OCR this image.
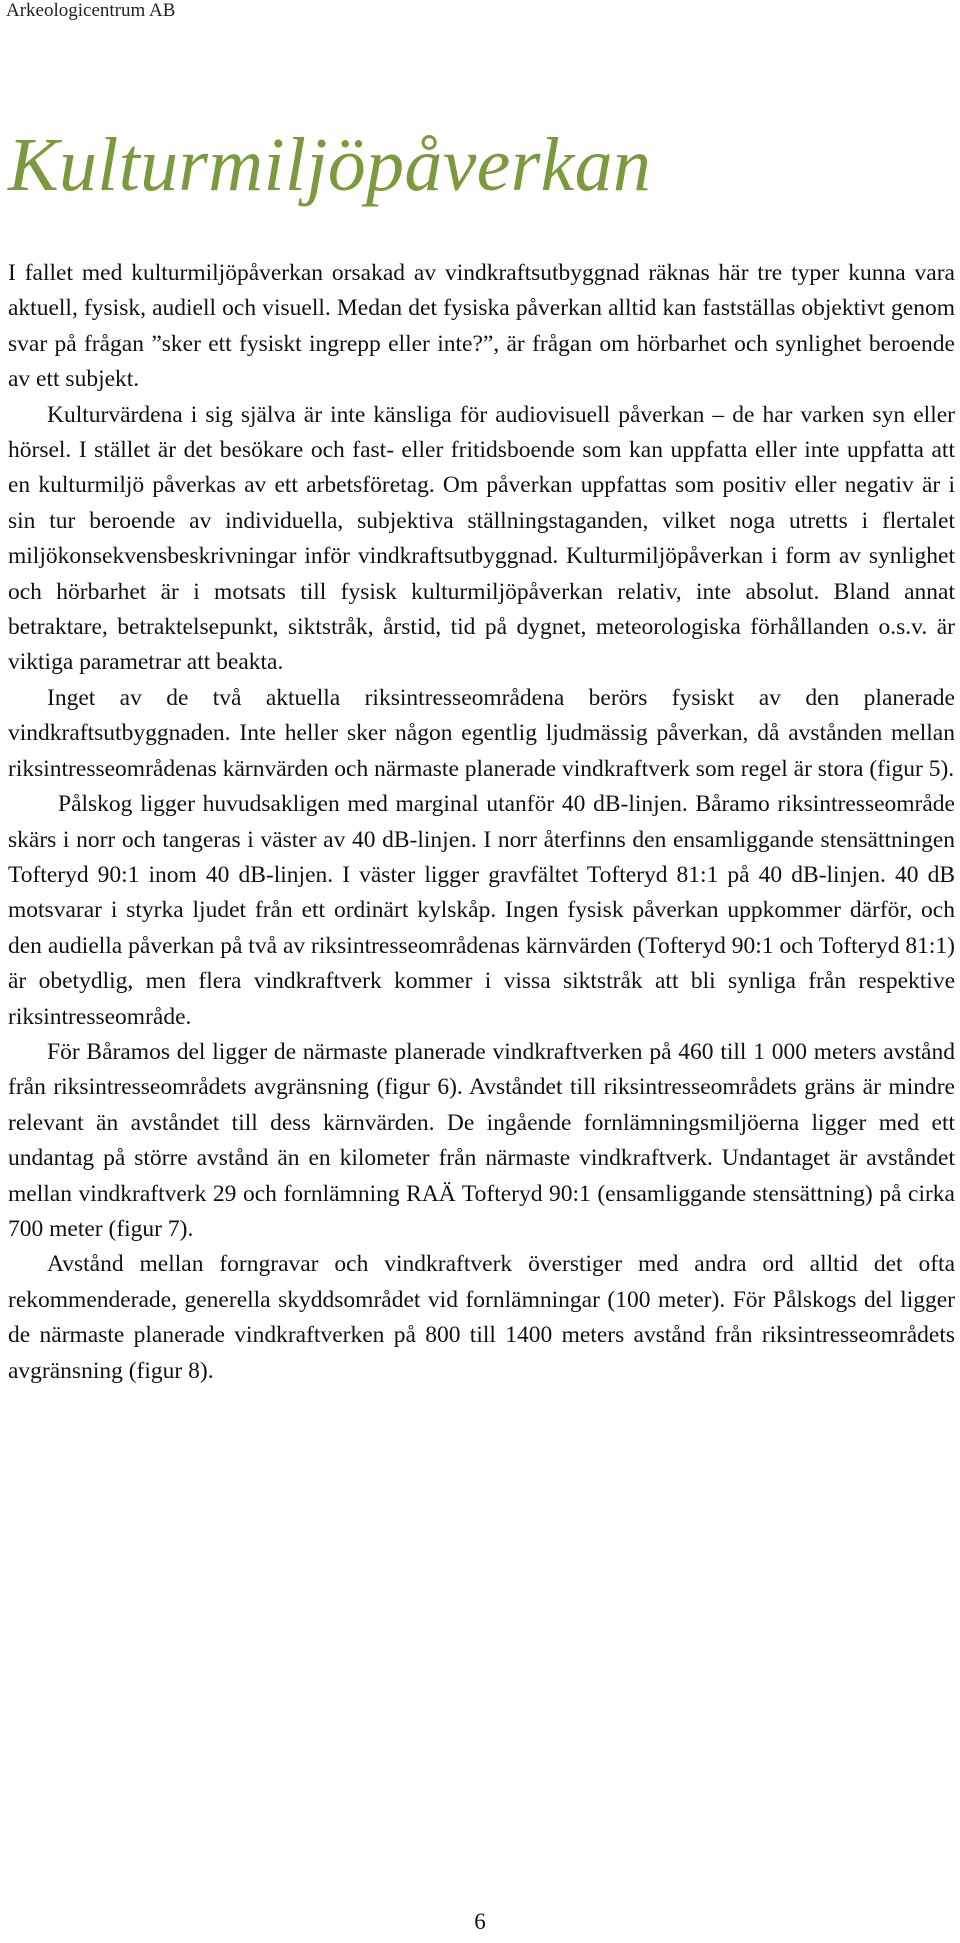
Arkeologicentrum AB
Kulturmiljöpåverkan

I fallet med kulturmiljöpåverkan orsakad av vindkraftsutbyggnad räknas här tre typer kunna vara aktuell, fysisk, audiell och visuell. Medan det fysiska påverkan alltid kan fastställas objektivt genom svar på frågan ”sker ett fysiskt ingrepp eller inte?”, är frågan om hörbarhet och synlighet beroende av ett subjekt.

Kulturvärdena i sig själva är inte känsliga för audiovisuell påverkan – de har varken syn eller hörsel. I stället är det besökare och fast- eller fritidsboende som kan uppfatta eller inte uppfatta att en kulturmiljö påverkas av ett arbetsföretag. Om påverkan uppfattas som positiv eller negativ är i sin tur beroende av individuella, subjektiva ställningstaganden, vilket noga utretts i flertalet miljökonsekvensbeskrivningar inför vindkraftsutbyggnad. Kulturmiljöpåverkan i form av synlighet och hörbarhet är i motsats till fysisk kulturmiljöpåverkan relativ, inte absolut. Bland annat betraktare, betraktelsepunkt, siktstråk, årstid, tid på dygnet, meteorologiska förhållanden o.s.v. är viktiga parametrar att beakta.

Inget av de två aktuella riksintresseområdena berörs fysiskt av den planerade vindkraftsutbyggnaden. Inte heller sker någon egentlig ljudmässig påverkan, då avstånden mellan riksintresseområdenas kärnvärden och närmaste planerade vindkraftverk som regel är stora (figur 5).

Pålskog ligger huvudsakligen med marginal utanför 40 dB-linjen. Båramo riksintresseområde skärs i norr och tangeras i väster av 40 dB-linjen. I norr återfinns den ensamliggande stensättningen Tofteryd 90:1 inom 40 dB-linjen. I väster ligger gravfältet Tofteryd 81:1 på 40 dB-linjen. 40 dB motsvarar i styrka ljudet från ett ordinärt kylskåp. Ingen fysisk påverkan uppkommer därför, och den audiella påverkan på två av riksintresseområdenas kärnvärden (Tofteryd 90:1 och Tofteryd 81:1) är obetydlig, men flera vindkraftverk kommer i vissa siktstråk att bli synliga från respektive riksintresseområde.

För Båramos del ligger de närmaste planerade vindkraftverken på 460 till 1 000 meters avstånd från riksintresseområdets avgränsning (figur 6). Avståndet till riksintresseområdets gräns är mindre relevant än avståndet till dess kärnvärden. De ingående fornlämningsmiljöerna ligger med ett undantag på större avstånd än en kilometer från närmaste vindkraftverk. Undantaget är avståndet mellan vindkraftverk 29 och fornlämning RAÄ Tofteryd 90:1 (ensamliggande stensättning) på cirka 700 meter (figur 7).

Avstånd mellan forngravar och vindkraftverk överstiger med andra ord alltid det ofta rekommenderade, generella skyddsområdet vid fornlämningar (100 meter). För Pålskogs del ligger de närmaste planerade vindkraftverken på 800 till 1400 meters avstånd från riksintresseområdets avgränsning (figur 8).

6
